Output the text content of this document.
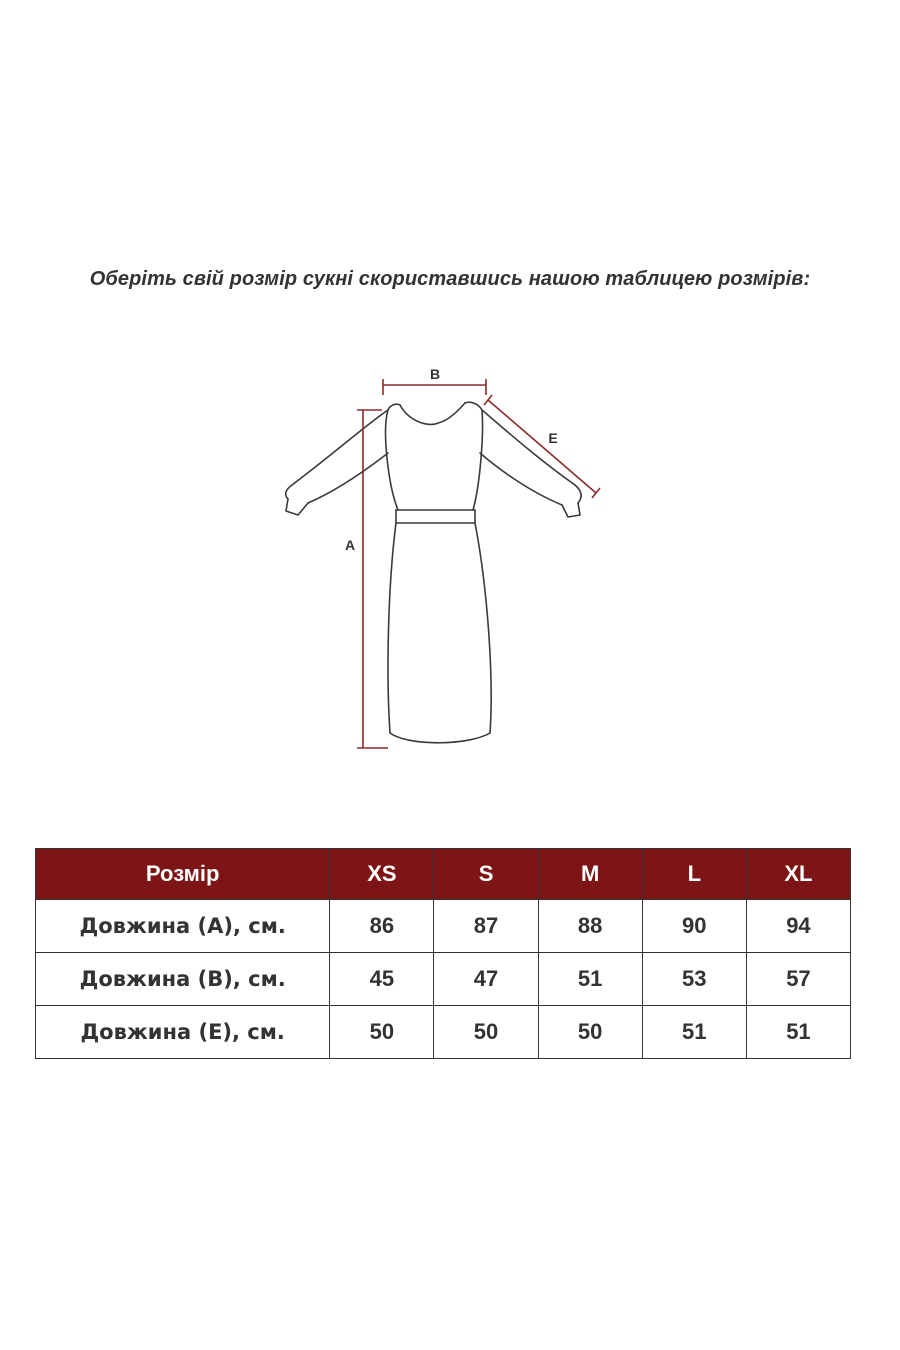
Оберіть свій розмір сукні скориставшись нашою таблицею розмірів:
B
A
E
Розмір	XS	S	M	L	XL
Довжина (А), см.	86	87	88	90	94
Довжина (В), см.	45	47	51	53	57
Довжина (Е), см.	50	50	50	51	51
